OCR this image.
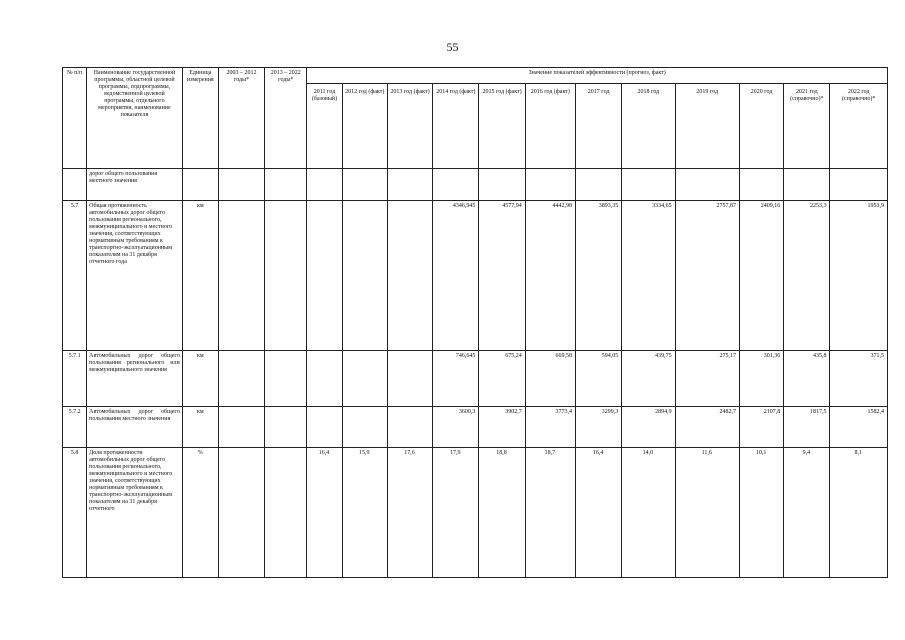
55
№ п/п	Наименование государственной программы, областной целевой программы, подпрограммы, ведомственной целевой программы, отдельного мероприятия, наименование показателя	Единица измерения	2003 – 2012 годы*	2013 – 2022 годы*	Значение показателей эффективности (прогноз, факт)											
					2011 год (базовый)	2012 год (факт)	2013 год (факт)	2014 год (факт)	2015 год (факт)	2016 год (факт)	2017 год	2018 год	2019 год	2020 год	2021 год (справочно)*	2022 год (справочно)*
	дорог общего пользования местного значения															
5.7	Общая протяженность автомобильных дорог общего пользования регионального, межмуниципального и местного значения, соответствующих нормативным требованиям к транспортно-эксплуатационным показателям на 31 декабря отчетного года	км						4346,945	4577,94	4442,98	3893,35	3334,65	2757,87	2409,16	2253,3	1953,9
5.7.1	Автомобильных дорог общего пользования регионального или межмуниципального значения	км						746,645	675,24	669,58	594,05	439,75	275,17	301,36	435,8	371,5
5.7.2	Автомобильных дорог общего пользования местного значения	км						3600,3	3902,7	3773,4	3299,3	2894,9	2482,7	2107,8	1817,5	1582,4
5.8	Доля протяженности автомобильных дорог общего пользования регионального, межмуниципального и местного значения, соответствующих нормативным требованиям к транспортно-эксплуатационным показателям на 31 декабря отчетного	%			16,4	15,9	17,6	17,9	18,8	18,7	16,4	14,0	11,6	10,1	9,4	8,1
